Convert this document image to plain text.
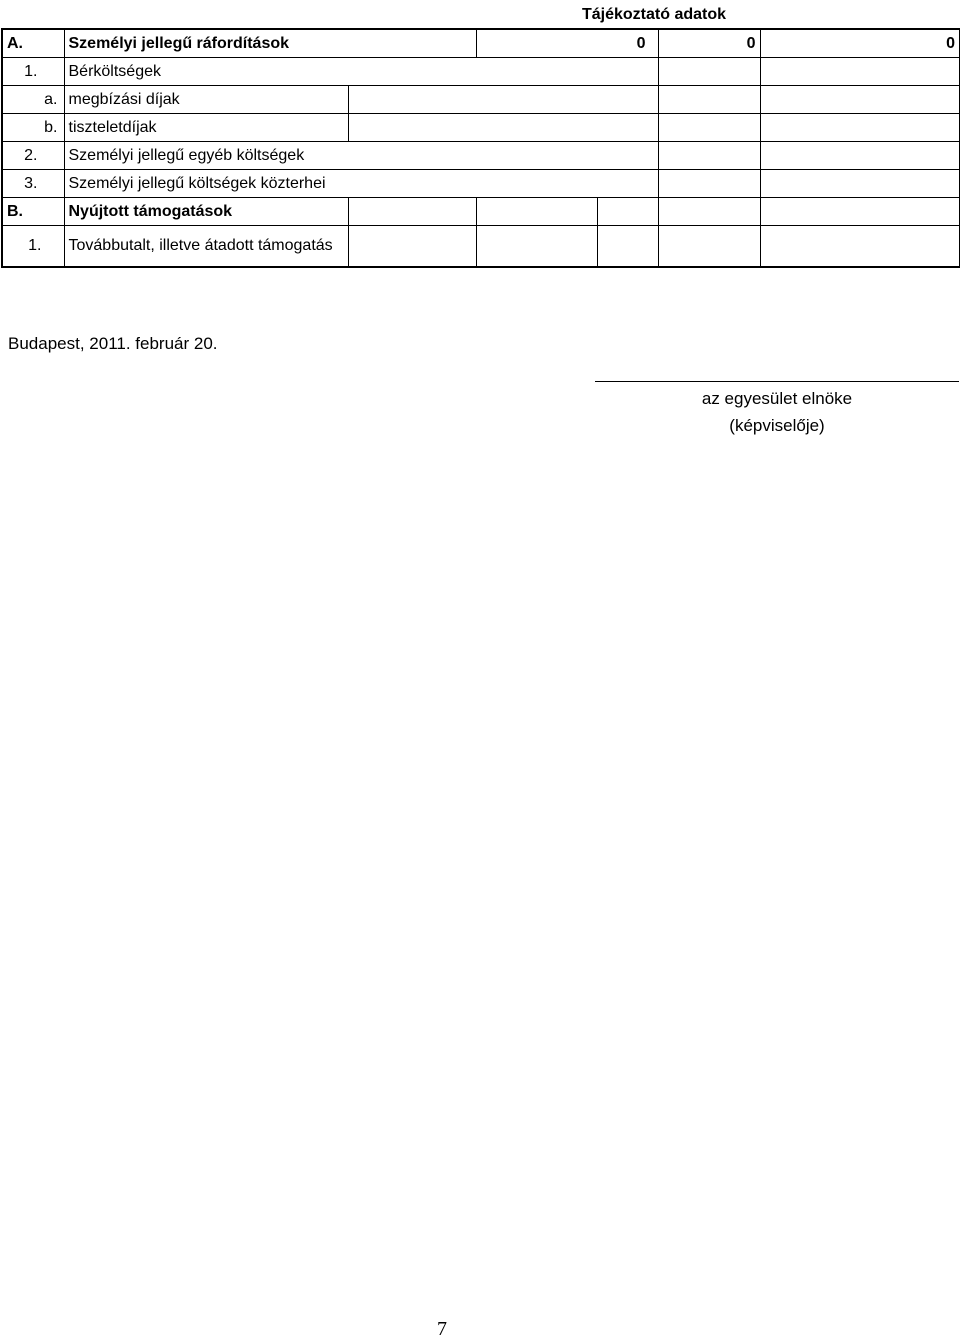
		Tájékoztató adatok				
A.	Személyi jellegű ráfordítások		0		0	0
1.	Bérköltségek					
a.	megbízási díjak					
b.	tiszteletdíjak					
2.	Személyi jellegű egyéb költségek					
3.	Személyi jellegű költségek közterhei					
B.	Nyújtott támogatások					
1.	Továbbutalt, illetve átadott támogatás					
Budapest, 2011. február 20.
az egyesület elnöke
(képviselője)
7
